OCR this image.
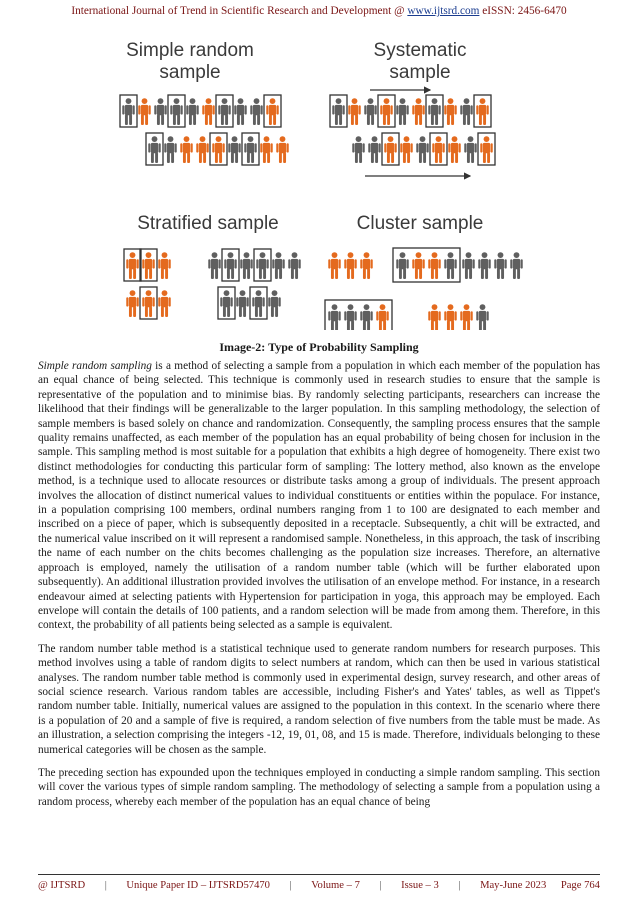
International Journal of Trend in Scientific Research and Development @ www.ijtsrd.com eISSN: 2456-6470

Simple random
sample

Systematic
sample

Stratified sample	Cluster sample

Image-2: Type of Probability Sampling

Simple random sampling is a method of selecting a sample from a population in which each member of the population has an equal chance of being selected. This technique is commonly used in research studies to ensure that the sample is representative of the population and to minimise bias. By randomly selecting participants, researchers can increase the likelihood that their findings will be generalizable to the larger population. In this sampling methodology, the selection of sample members is based solely on chance and randomization. Consequently, the sampling process ensures that the sample quality remains unaffected, as each member of the population has an equal probability of being chosen for inclusion in the sample. This sampling method is most suitable for a population that exhibits a high degree of homogeneity. There exist two distinct methodologies for conducting this particular form of sampling: The lottery method, also known as the envelope method, is a technique used to allocate resources or distribute tasks among a group of individuals. The present approach involves the allocation of distinct numerical values to individual constituents or entities within the populace. For instance, in a population comprising 100 members, ordinal numbers ranging from 1 to 100 are designated to each member and inscribed on a piece of paper, which is subsequently deposited in a receptacle. Subsequently, a chit will be extracted, and the numerical value inscribed on it will represent a randomised sample. Nonetheless, in this approach, the task of inscribing the name of each number on the chits becomes challenging as the population size increases. Therefore, an alternative approach is employed, namely the utilisation of a random number table (which will be further elaborated upon subsequently). An additional illustration provided involves the utilisation of an envelope method. For instance, in a research endeavour aimed at selecting patients with Hypertension for participation in yoga, this approach may be employed. Each envelope will contain the details of 100 patients, and a random selection will be made from among them. Therefore, in this context, the probability of all patients being selected as a sample is equivalent.

The random number table method is a statistical technique used to generate random numbers for research purposes. This method involves using a table of random digits to select numbers at random, which can then be used in various statistical analyses. The random number table method is commonly used in experimental design, survey research, and other areas of social science research. Various random tables are accessible, including Fisher's and Yates' tables, as well as Tippet's random number table. Initially, numerical values are assigned to the population in this context. In the scenario where there is a population of 20 and a sample of five is required, a random selection of five numbers from the table must be made. As an illustration, a selection comprising the integers -12, 19, 01, 08, and 15 is made. Therefore, individuals belonging to these numerical categories will be chosen as the sample.

The preceding section has expounded upon the techniques employed in conducting a simple random sampling. This section will cover the various types of simple random sampling. The methodology of selecting a sample from a population using a random process, whereby each member of the population has an equal chance of being

@ IJTSRD | Unique Paper ID – IJTSRD57470 | Volume – 7 | Issue – 3 | May-June 2023 Page 764
